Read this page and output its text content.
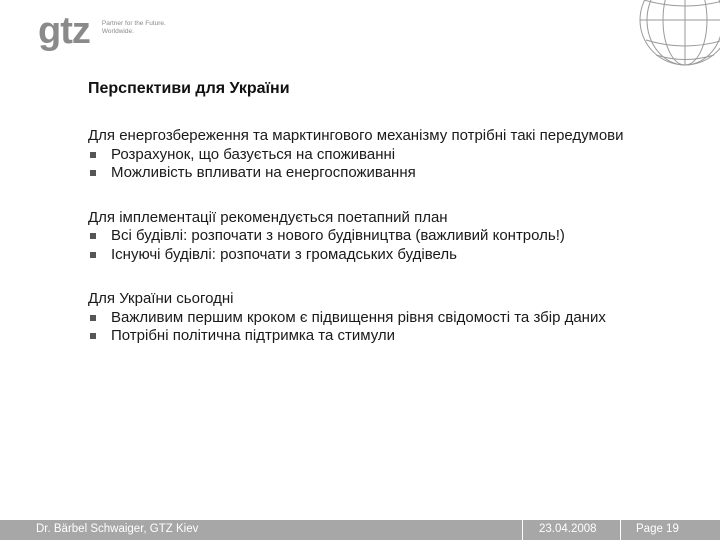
gtz Partner for the Future.
Worldwide.
Перспективи для України
Для енергозбереження та марктингового механізму потрібні такі передумови
Розрахунок, що базується на споживанні
Можливість впливати на енергоспоживання
Для імплементації рекомендується поетапний план
Всі будівлі: розпочати з нового будівництва (важливий контроль!)
Існуючі будівлі: розпочати з громадських будівель
Для України сьогодні
Важливим першим кроком є підвищення рівня свідомості та збір даних
Потрібні політична підтримка та стимули
Dr. Bärbel Schwaiger, GTZ Kiev	23.04.2008	Page 19
